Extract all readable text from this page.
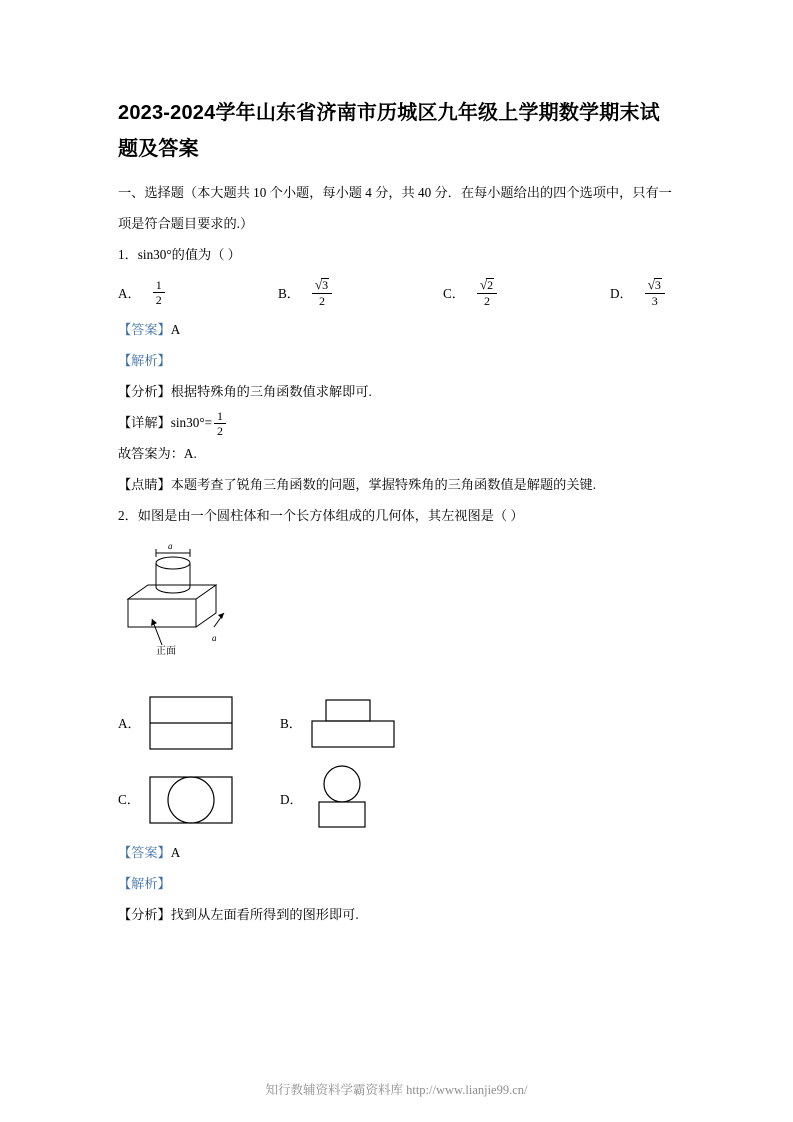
2023-2024学年山东省济南市历城区九年级上学期数学期末试题及答案

一、选择题（本大题共 10 个小题，每小题 4 分，共 40 分．在每小题给出的四个选项中，只有一项是符合题目要求的.）

1．sin30°的值为（ ）

A． $\frac{1}{2}$	B． $\frac{√ 3}{2}$	C． $\frac{√ 2}{2}$	D． $\frac{√ 3}{3}$

【答案】A

【解析】

【分析】根据特殊角的三角函数值求解即可.

【详解】$\sin 30^\circ= \frac{1}{2}$

故答案为：A.

【点睛】本题考查了锐角三角函数的问题，掌握特殊角的三角函数值是解题的关键.

2．如图是由一个圆柱体和一个长方体组成的几何体，其左视图是（ ）

a
正面
a
A．	B．
C．	D．

【答案】A

【解析】

【分析】找到从左面看所得到的图形即可.

知行教辅资料学霸资料库 http://www.lianjie99.cn/
